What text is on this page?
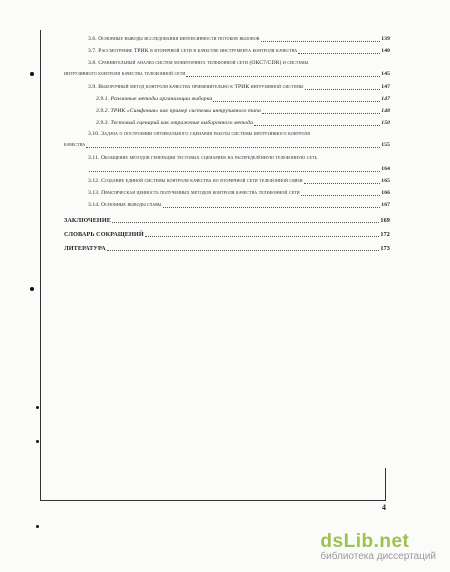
3.6. Основные выводы исследования интенсивности потоков вызовов	139
3.7. Рассмотрение ТРИК в вторичной сети в качестве инструмента контроля качества	140
3.8. Сравнительный анализ систем мониторинга телефонной сети (ОКС7/CDR) и системы
интрузивного контроля качества телефонной сети	145
3.9. Выборочный метод контроля качества применительно к ТРИК интрузивной системы	147
3.9.1. Различные методы организации выборки	147
3.9.2. ТРИК «Симфония» как пример системы интрузивного типа	148
3.9.3. Тестовый сценарий как отражение выборочного метода	150
3.10. Задача о построении оптимального сценария работы системы интрузивного контроля
качества	155
3.11. Обобщение методов генерации тестовых сценариев на распределённую телефонную сеть
164
3.12. Создание единой системы контроля качества во вторичной сети телефонной связи	165
3.13. Практическая ценность полученных методов контроля качества телефонной сети	166
3.14. Основные выводы главы	167
ЗАКЛЮЧЕНИЕ	169
СЛОВАРЬ СОКРАЩЕНИЙ	172
ЛИТЕРАТУРА	173
4
dsLib.net
библиотека диссертаций
